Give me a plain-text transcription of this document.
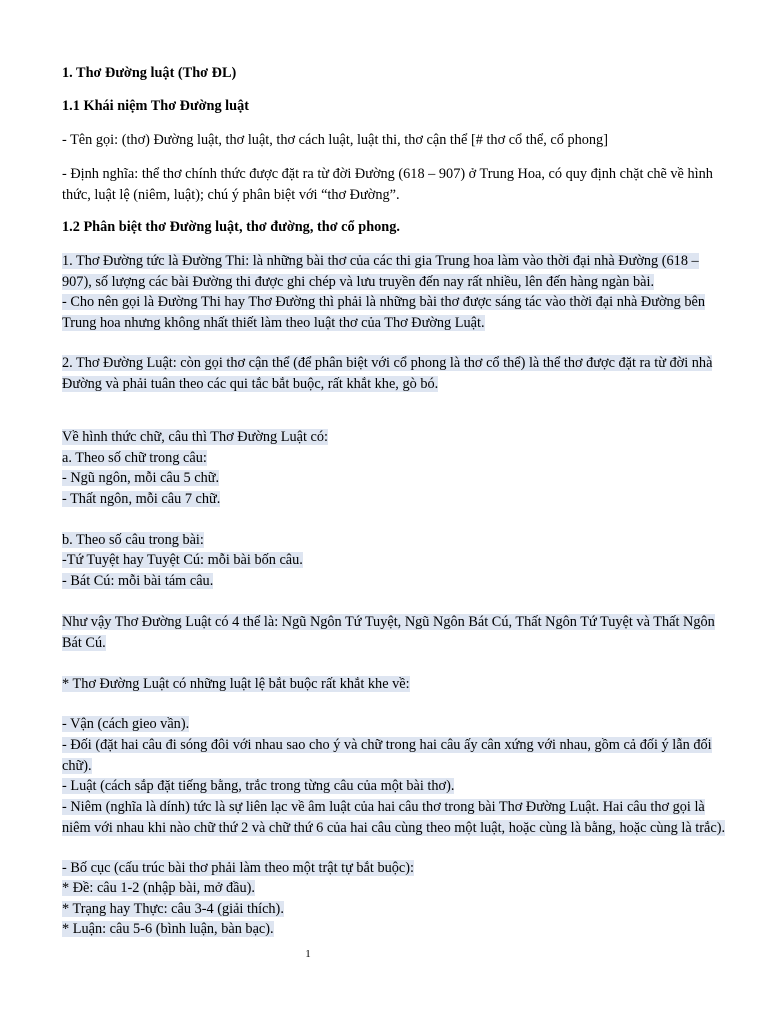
1. Thơ Đường luật (Thơ ĐL)
1.1 Khái niệm Thơ Đường luật
- Tên gọi: (thơ) Đường luật, thơ luật, thơ cách luật, luật thi, thơ cận thể [# thơ cổ thể, cổ phong]
- Định nghĩa: thể thơ chính thức được đặt ra từ đời Đường (618 – 907) ở Trung Hoa, có quy định chặt chẽ về hình thức, luật lệ (niêm, luật); chú ý phân biệt với “thơ Đường”.
1.2 Phân biệt thơ Đường luật, thơ đường, thơ cổ phong.
1. Thơ Đường tức là Đường Thi: là những bài thơ của các thi gia Trung hoa làm vào thời đại nhà Đường (618 – 907), số lượng các bài Đường thi được ghi chép và lưu truyền đến nay rất nhiều, lên đến hàng ngàn bài.
- Cho nên gọi là Đường Thi hay Thơ Đường thì phải là những bài thơ được sáng tác vào thời đại nhà Đường bên Trung hoa nhưng không nhất thiết làm theo luật thơ của Thơ Đường Luật.
2. Thơ Đường Luật: còn gọi thơ cận thể (để phân biệt với cổ phong là thơ cổ thể) là thể thơ được đặt ra từ đời nhà Đường và phải tuân theo các qui tắc bắt buộc, rất khắt khe, gò bó.
Về hình thức chữ, câu thì Thơ Đường Luật có:
a. Theo số chữ trong câu:
- Ngũ ngôn, mỗi câu 5 chữ.
- Thất ngôn, mỗi câu 7 chữ.
b. Theo số câu trong bài:
-Tứ Tuyệt hay Tuyệt Cú: mỗi bài bốn câu.
- Bát Cú: mỗi bài tám câu.
Như vậy Thơ Đường Luật có 4 thể là: Ngũ Ngôn Tứ Tuyệt, Ngũ Ngôn Bát Cú, Thất Ngôn Tứ Tuyệt và Thất Ngôn Bát Cú.
* Thơ Đường Luật có những luật lệ bắt buộc rất khắt khe về:
- Vận (cách gieo vần).
- Đối (đặt hai câu đi sóng đôi với nhau sao cho ý và chữ trong hai câu ấy cân xứng với nhau, gồm cả đối ý lẫn đối chữ).
- Luật (cách sắp đặt tiếng bằng, trắc trong từng câu của một bài thơ).
- Niêm (nghĩa là dính) tức là sự liên lạc về âm luật của hai câu thơ trong bài Thơ Đường Luật. Hai câu thơ gọi là niêm với nhau khi nào chữ thứ 2 và chữ thứ 6 của hai câu cùng theo một luật, hoặc cùng là bằng, hoặc cùng là trắc).
- Bố cục (cấu trúc bài thơ phải làm theo một trật tự bắt buộc):
* Đề: câu 1-2 (nhập bài, mở đầu).
* Trạng hay Thực: câu 3-4 (giải thích).
* Luận: câu 5-6 (bình luận, bàn bạc).
1
